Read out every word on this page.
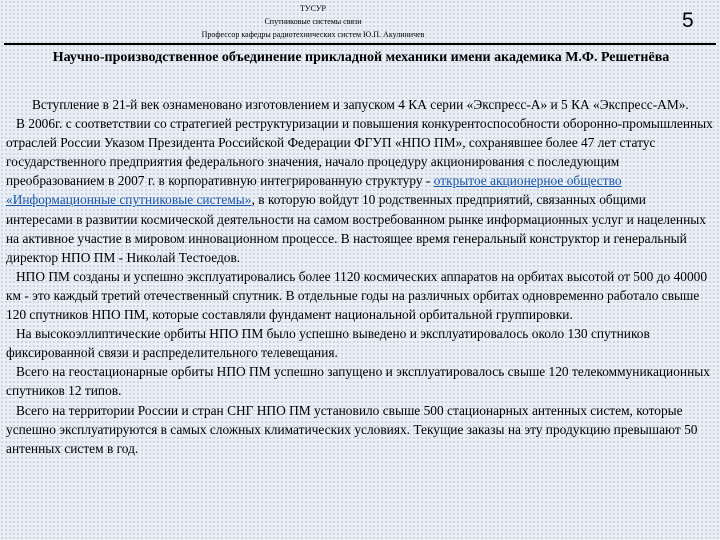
ТУСУР
Спутниковые системы связи
Профессор кафедры радиотехнических систем Ю.П. Акулиничев
5
Научно-производственное объединение прикладной механики имени академика М.Ф. Решетнёва

Вступление в 21-й век ознаменовано изготовлением и запуском 4 КА серии «Экспресс-А» и 5 КА «Экспресс-АМ».

В 2006г. с соответствии со стратегией реструктуризации и повышения конкурентоспособности оборонно-промышленных отраслей России Указом Президента Российской Федерации ФГУП «НПО ПМ», сохранявшее более 47 лет статус государственного предприятия федерального значения, начало процедуру акционирования с последующим преобразованием в 2007 г. в корпоративную интегрированную структуру - открытое акционерное общество «Информационные спутниковые системы», в которую войдут 10 родственных предприятий, связанных общими интересами в развитии космической деятельности на самом востребованном рынке информационных услуг и нацеленных на активное участие в мировом инновационном процессе. В настоящее время генеральный конструктор и генеральный директор НПО ПМ - Николай Тестоедов.

НПО ПМ созданы и успешно эксплуатировались более 1120 космических аппаратов на орбитах высотой от 500 до 40000 км - это каждый третий отечественный спутник. В отдельные годы на различных орбитах одновременно работало свыше 120 спутников НПО ПМ, которые составляли фундамент национальной орбитальной группировки.

На высокоэллиптические орбиты НПО ПМ было успешно выведено и эксплуатировалось около 130 спутников фиксированной связи и распределительного телевещания.

Всего на геостационарные орбиты НПО ПМ успешно запущено и эксплуатировалось свыше 120 телекоммуникационных спутников 12 типов.

Всего на территории России и стран СНГ НПО ПМ установило свыше 500 стационарных антенных систем, которые успешно эксплуатируются в самых сложных климатических условиях. Текущие заказы на эту продукцию превышают 50 антенных систем в год.
